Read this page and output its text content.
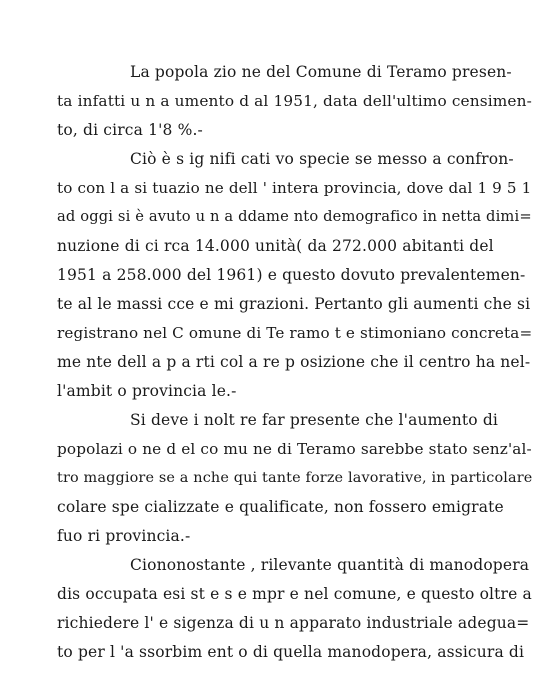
La popola zio ne del Comune di Teramo presen-
ta infatti u n a umento d al 1951, data dell'ultimo censimen-
to, di circa 1'8 %.-
Ciò è s ig nifi cati vo specie se messo a confron-
to con l a si tuazio ne dell ' intera provincia, dove dal 1 9 5 1
ad oggi si è avuto u n a ddame nto demografico in netta dimi=
nuzione di ci rca 14.000 unità( da 272.000 abitanti del
1951 a 258.000 del 1961) e questo dovuto prevalentemen-
te al le massi cce e mi grazioni. Pertanto gli aumenti che si
registrano nel C omune di Te ramo t e stimoniano concreta=
me nte dell a p a rti col a re p osizione che il centro ha nel-
l'ambit o provincia le.-
Si deve i nolt re far presente che l'aumento di
popolazi o ne d el co mu ne di Teramo sarebbe stato senz'al-
tro maggiore se a nche qui tante forze lavorative, in particolare
colare spe cializzate e qualificate, non fossero emigrate
fuo ri provincia.-
Ciononostante , rilevante quantità di manodopera
dis occupata esi st e s e mpr e nel comune, e questo oltre a
richiedere l' e sigenza di u n apparato industriale adegua=
to per l 'a ssorbim ent o di quella manodopera, assicura di
